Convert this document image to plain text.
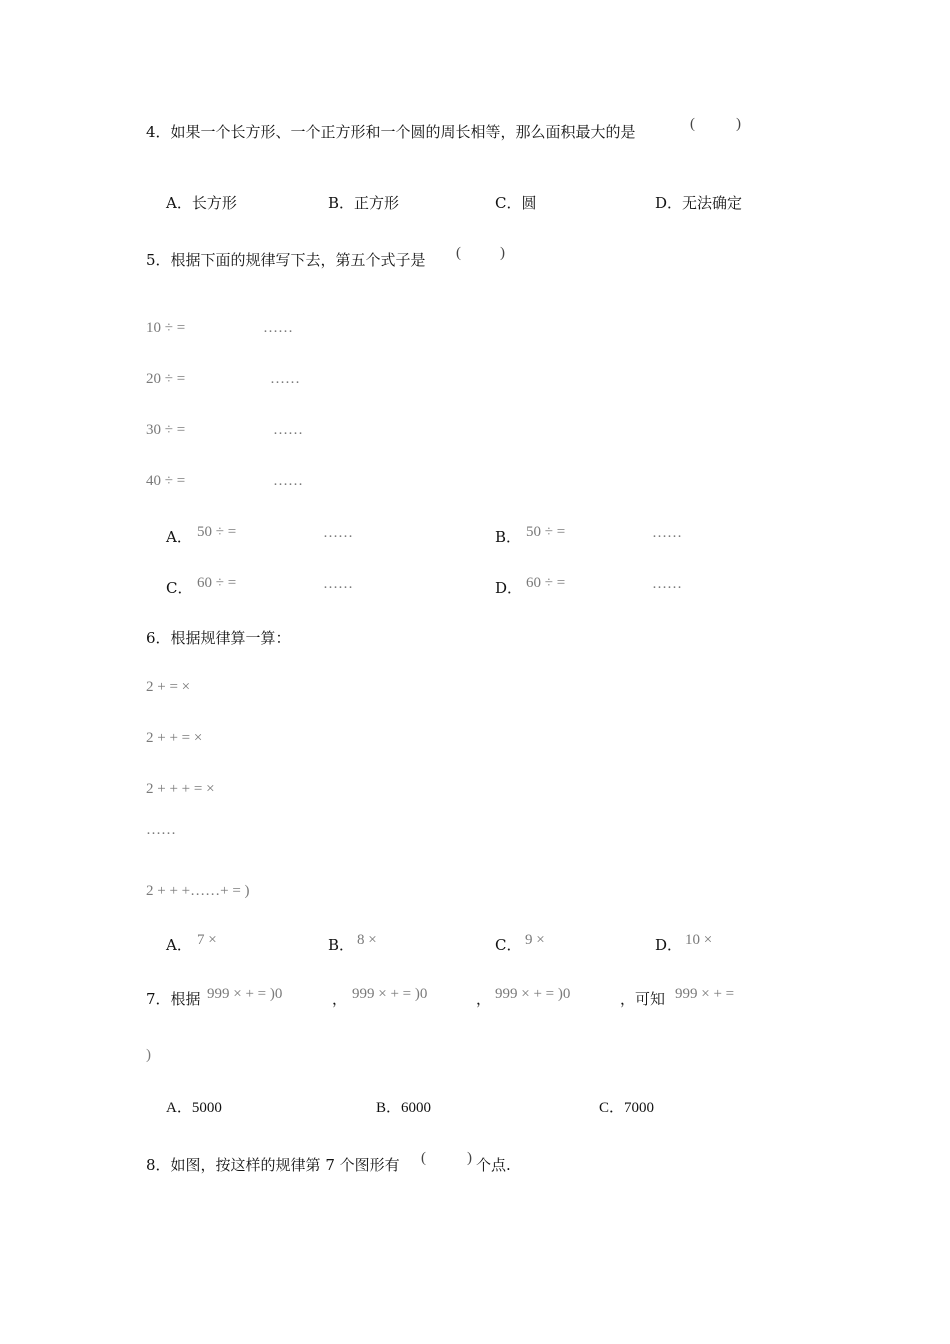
4．如果一个长方形、一个正方形和一个圆的周长相等，那么面积最大的是	(	)
A．长方形	B．正方形	C．圆	D．无法确定
5．根据下面的规律写下去，第五个式子是 (	)
10 ÷ =	……
20 ÷ =	……
30 ÷ =	……
40 ÷ =	……
A． 50 ÷ =	……	B． 50 ÷ =	……
C． 60 ÷ =	……	D． 60 ÷ =	……
6．根据规律算一算：
2 + = ×
2 + + = ×
2 + + + = ×
……
2 + + +……+ = )
A． 7 ×	B． 8 ×	C． 9 ×	D． 10 ×
7．根据 999 × + = )0	， 999 × + = )0	， 999 × + = )0	，可知 999 × + =
)
A．5000	B．6000	C．7000
8．如图，按这样的规律第 7 个图形有 (	) 个点.
